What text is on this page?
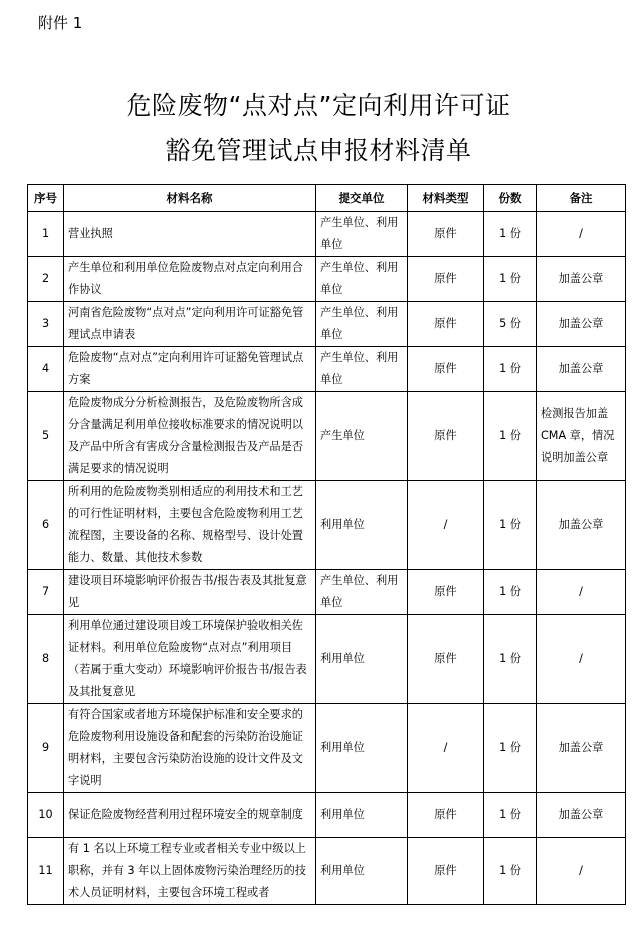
附件 1
危险废物“点对点”定向利用许可证
豁免管理试点申报材料清单
序号	材料名称	提交单位	材料类型	份数	备注
1	营业执照	产生单位、利用单位	原件	1 份	/
2	产生单位和利用单位危险废物点对点定向利用合作协议	产生单位、利用单位	原件	1 份	加盖公章
3	河南省危险废物“点对点”定向利用许可证豁免管理试点申请表	产生单位、利用单位	原件	5 份	加盖公章
4	危险废物“点对点”定向利用许可证豁免管理试点方案	产生单位、利用单位	原件	1 份	加盖公章
5	危险废物成分分析检测报告，及危险废物所含成分含量满足利用单位接收标准要求的情况说明以及产品中所含有害成分含量检测报告及产品是否满足要求的情况说明	产生单位	原件	1 份	检测报告加盖 CMA 章，情况说明加盖公章
6	所利用的危险废物类别相适应的利用技术和工艺的可行性证明材料，主要包含危险废物利用工艺流程图，主要设备的名称、规格型号、设计处置能力、数量、其他技术参数	利用单位	/	1 份	加盖公章
7	建设项目环境影响评价报告书/报告表及其批复意见	产生单位、利用单位	原件	1 份	/
8	利用单位通过建设项目竣工环境保护验收相关佐证材料。利用单位危险废物“点对点”利用项目（若属于重大变动）环境影响评价报告书/报告表及其批复意见	利用单位	原件	1 份	/
9	有符合国家或者地方环境保护标准和安全要求的危险废物利用设施设备和配套的污染防治设施证明材料，主要包含污染防治设施的设计文件及文字说明	利用单位	/	1 份	加盖公章
10	保证危险废物经营利用过程环境安全的规章制度	利用单位	原件	1 份	加盖公章
11	有 1 名以上环境工程专业或者相关专业中级以上职称，并有 3 年以上固体废物污染治理经历的技术人员证明材料，主要包含环境工程或者	利用单位	原件	1 份	/
